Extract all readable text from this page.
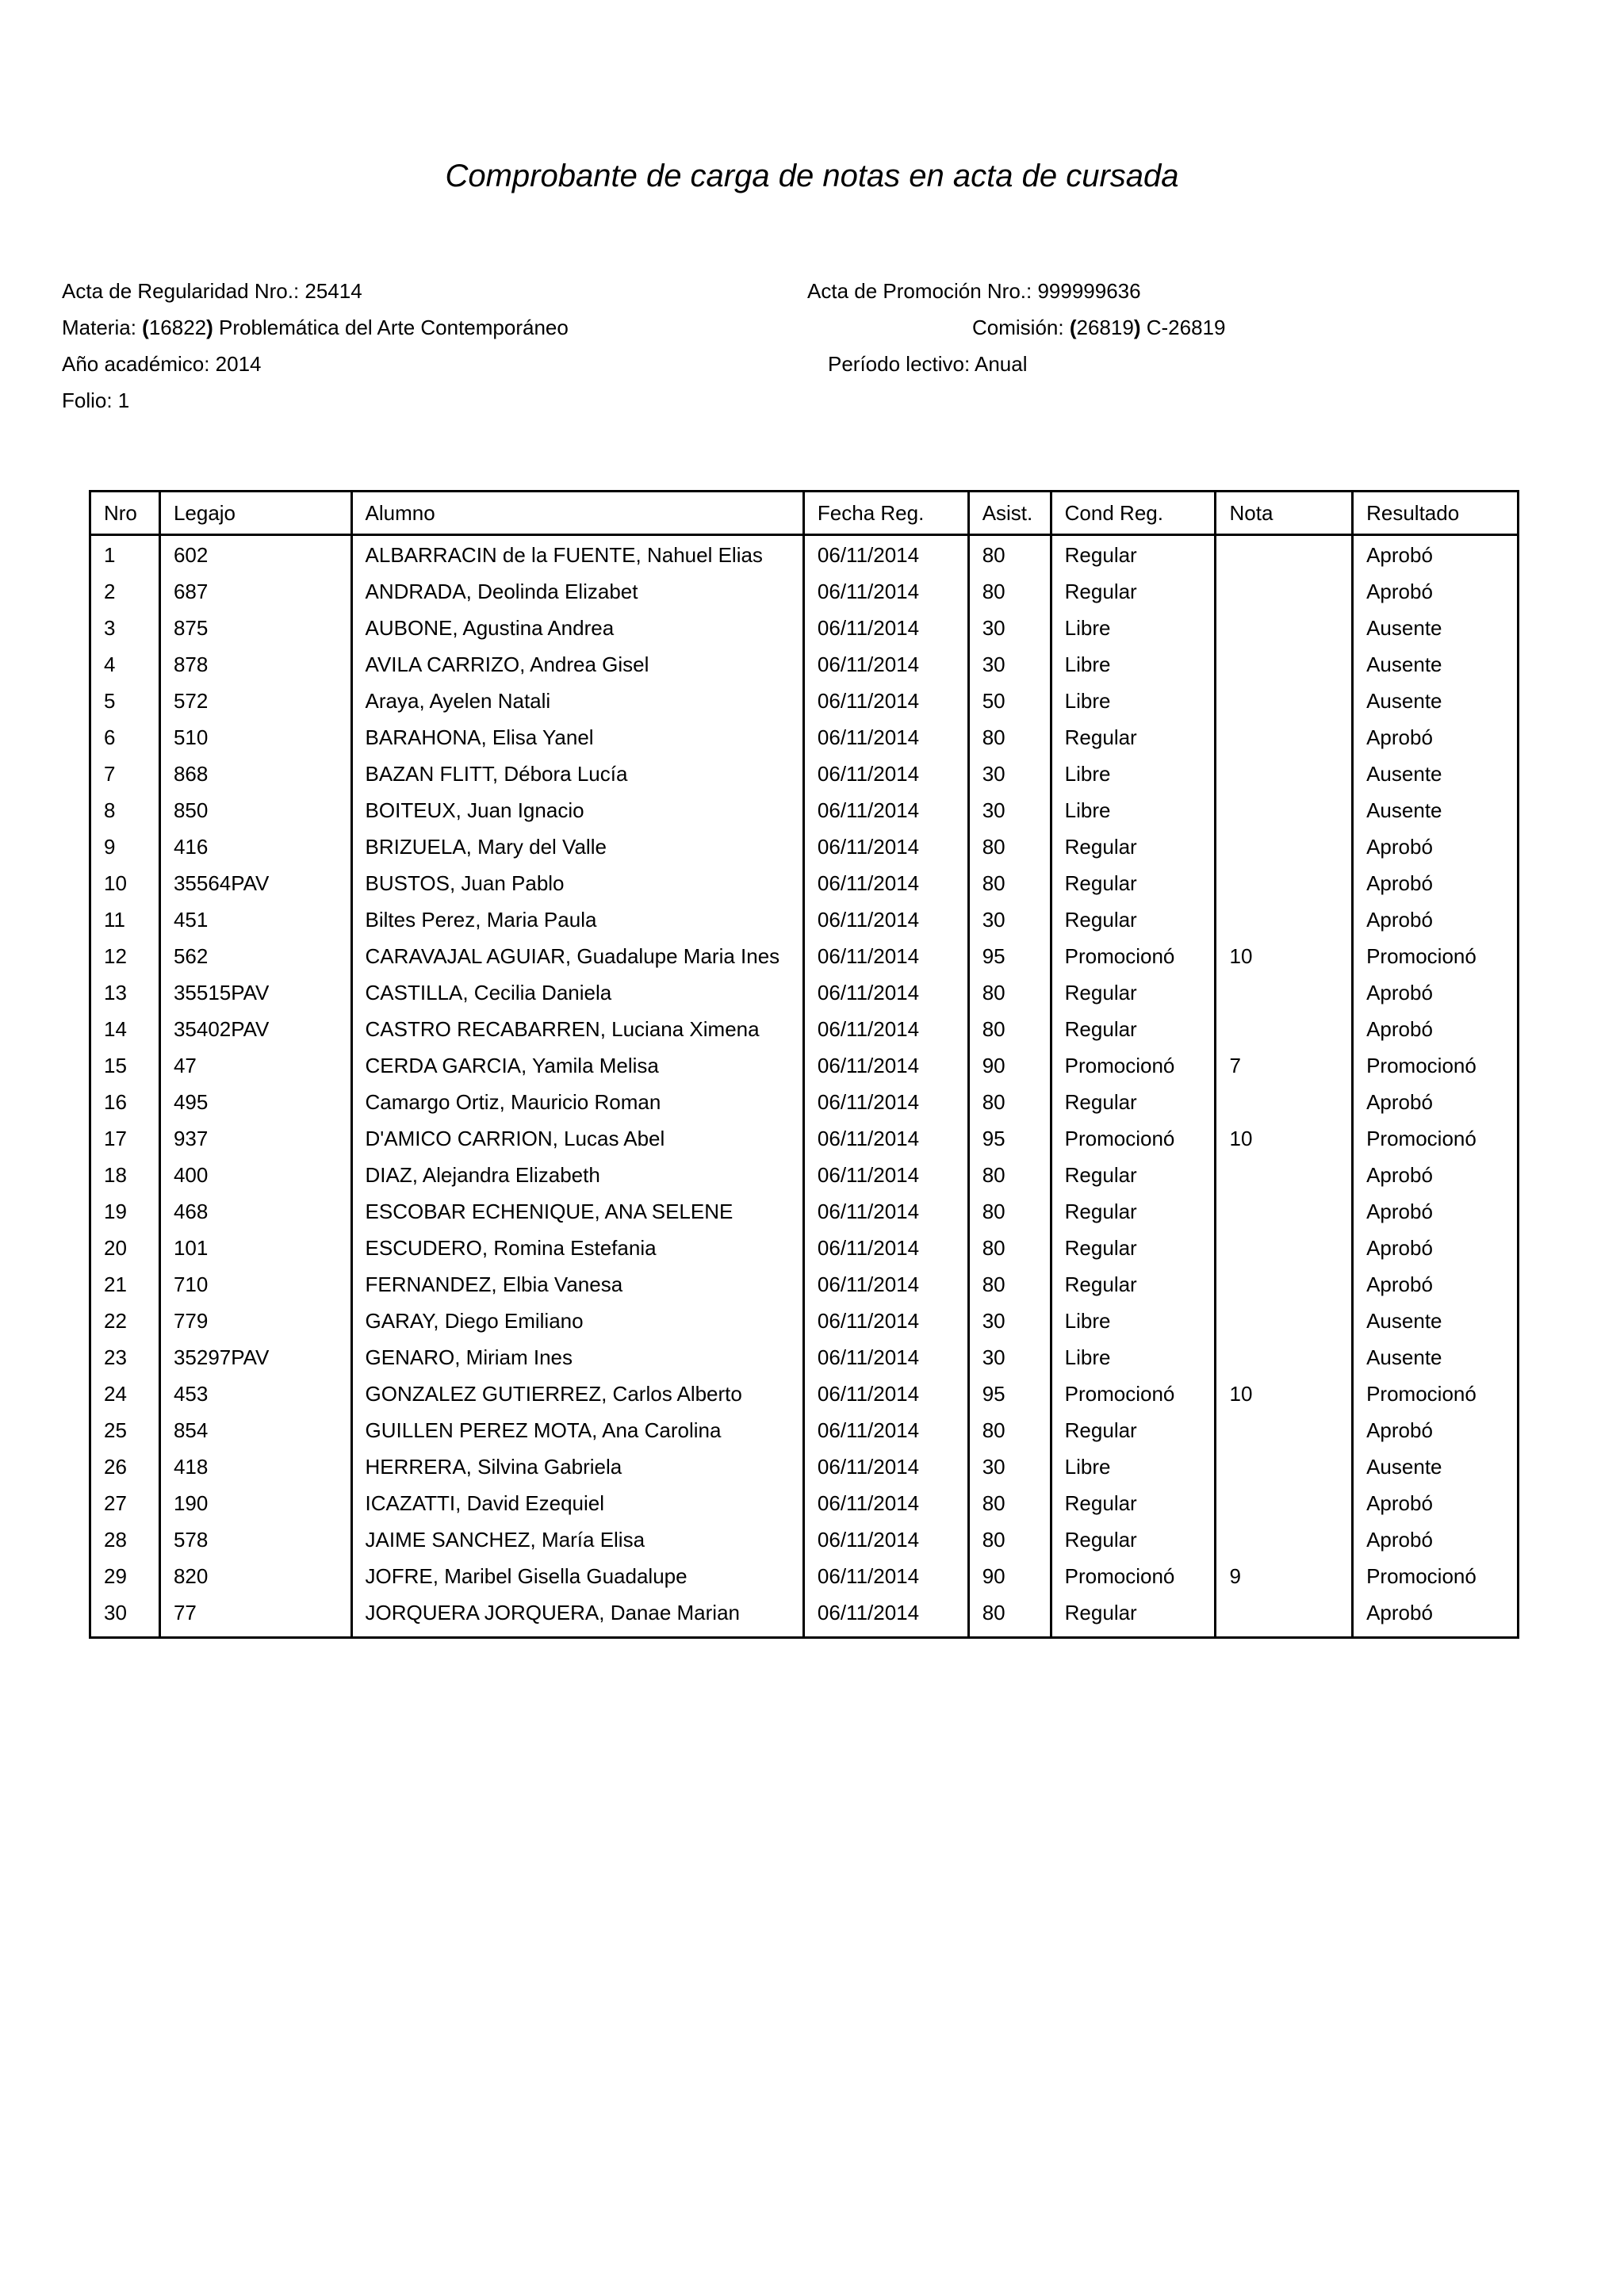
Comprobante de carga de notas en acta de cursada
Acta de Regularidad Nro.: 25414	Acta de Promoción Nro.: 999999636
Materia: (16822) Problemática del Arte Contemporáneo	Comisión: (26819) C-26819
Año académico: 2014	Período lectivo: Anual
Folio: 1
Nro	Legajo	Alumno	Fecha Reg.	Asist.	Cond Reg.	Nota	Resultado
1	602	ALBARRACIN de la FUENTE, Nahuel Elias	06/11/2014	80	Regular		Aprobó
2	687	ANDRADA, Deolinda Elizabet	06/11/2014	80	Regular		Aprobó
3	875	AUBONE, Agustina Andrea	06/11/2014	30	Libre		Ausente
4	878	AVILA CARRIZO, Andrea Gisel	06/11/2014	30	Libre		Ausente
5	572	Araya, Ayelen Natali	06/11/2014	50	Libre		Ausente
6	510	BARAHONA, Elisa Yanel	06/11/2014	80	Regular		Aprobó
7	868	BAZAN FLITT, Débora Lucía	06/11/2014	30	Libre		Ausente
8	850	BOITEUX, Juan Ignacio	06/11/2014	30	Libre		Ausente
9	416	BRIZUELA, Mary del Valle	06/11/2014	80	Regular		Aprobó
10	35564PAV	BUSTOS, Juan Pablo	06/11/2014	80	Regular		Aprobó
11	451	Biltes Perez, Maria Paula	06/11/2014	30	Regular		Aprobó
12	562	CARAVAJAL AGUIAR, Guadalupe Maria Ines	06/11/2014	95	Promocionó	10	Promocionó
13	35515PAV	CASTILLA, Cecilia Daniela	06/11/2014	80	Regular		Aprobó
14	35402PAV	CASTRO RECABARREN, Luciana Ximena	06/11/2014	80	Regular		Aprobó
15	47	CERDA GARCIA, Yamila Melisa	06/11/2014	90	Promocionó	7	Promocionó
16	495	Camargo Ortiz, Mauricio Roman	06/11/2014	80	Regular		Aprobó
17	937	D'AMICO CARRION, Lucas Abel	06/11/2014	95	Promocionó	10	Promocionó
18	400	DIAZ, Alejandra Elizabeth	06/11/2014	80	Regular		Aprobó
19	468	ESCOBAR ECHENIQUE, ANA SELENE	06/11/2014	80	Regular		Aprobó
20	101	ESCUDERO, Romina Estefania	06/11/2014	80	Regular		Aprobó
21	710	FERNANDEZ, Elbia Vanesa	06/11/2014	80	Regular		Aprobó
22	779	GARAY, Diego Emiliano	06/11/2014	30	Libre		Ausente
23	35297PAV	GENARO, Miriam Ines	06/11/2014	30	Libre		Ausente
24	453	GONZALEZ GUTIERREZ, Carlos Alberto	06/11/2014	95	Promocionó	10	Promocionó
25	854	GUILLEN PEREZ MOTA, Ana Carolina	06/11/2014	80	Regular		Aprobó
26	418	HERRERA, Silvina Gabriela	06/11/2014	30	Libre		Ausente
27	190	ICAZATTI, David Ezequiel	06/11/2014	80	Regular		Aprobó
28	578	JAIME SANCHEZ, María Elisa	06/11/2014	80	Regular		Aprobó
29	820	JOFRE, Maribel Gisella Guadalupe	06/11/2014	90	Promocionó	9	Promocionó
30	77	JORQUERA JORQUERA, Danae Marian	06/11/2014	80	Regular		Aprobó
